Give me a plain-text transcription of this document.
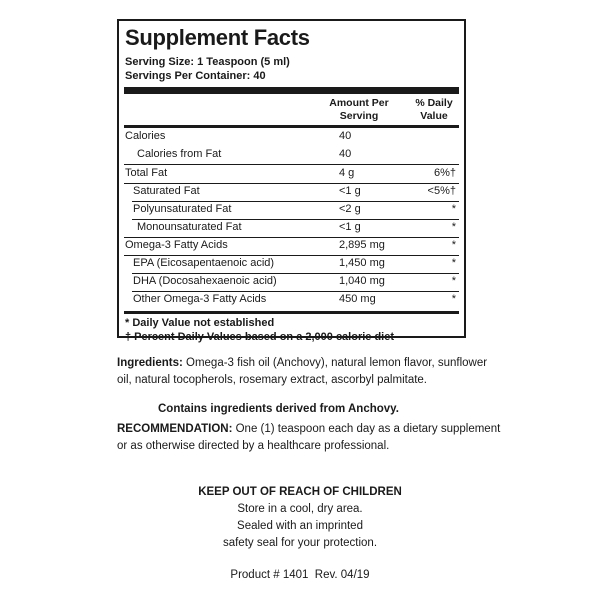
Supplement Facts
Serving Size: 1 Teaspoon (5 ml)
Servings Per Container: 40
Amount Per
Serving
% Daily
Value
Calories	40
Calories from Fat	40
Total Fat	4 g	6%†
Saturated Fat	<1 g	<5%†
Polyunsaturated Fat	<2 g	*
Monounsaturated Fat	<1 g	*
Omega-3 Fatty Acids	2,895 mg	*
EPA (Eicosapentaenoic acid)	1,450 mg	*
DHA (Docosahexaenoic acid)	1,040 mg	*
Other Omega-3 Fatty Acids	450 mg	*
* Daily Value not established
† Percent Daily Values based on a 2,000 calorie diet
Ingredients: Omega-3 fish oil (Anchovy), natural lemon flavor, sunflower
oil, natural tocopherols, rosemary extract, ascorbyl palmitate.
Contains ingredients derived from Anchovy.
RECOMMENDATION: One (1) teaspoon each day as a dietary supplement
or as otherwise directed by a healthcare professional.
KEEP OUT OF REACH OF CHILDREN
Store in a cool, dry area.
Sealed with an imprinted
safety seal for your protection.
Product # 1401  Rev. 04/19
